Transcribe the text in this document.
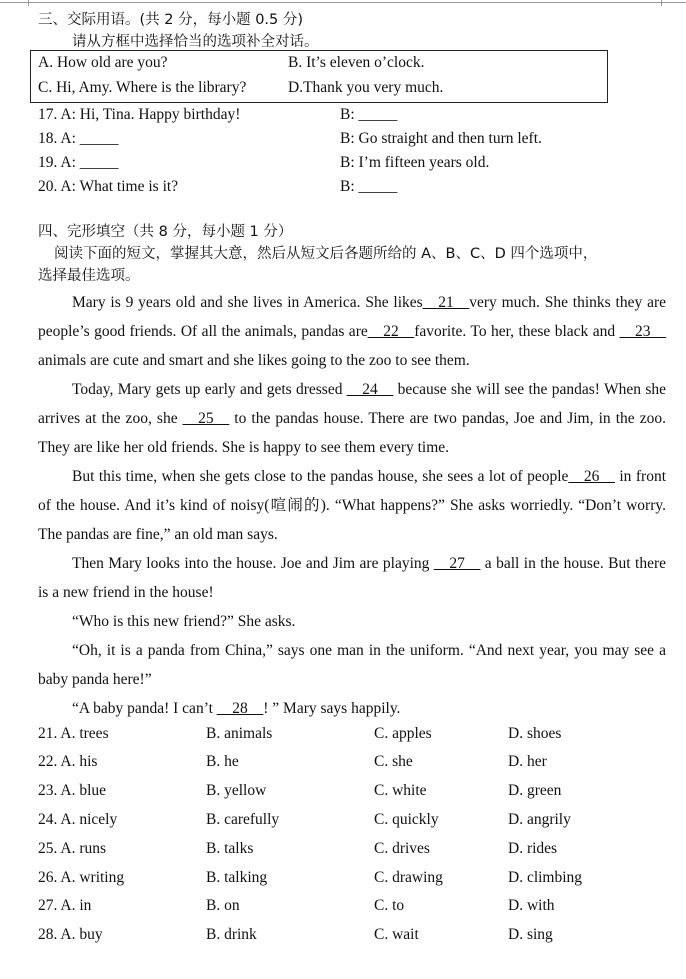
三、交际用语。(共 2 分，每小题 0.5 分)
请从方框中选择恰当的选项补全对话。
A. How old are you?	B. It’s eleven o’clock.
C. Hi, Amy. Where is the library?	D.Thank you very much.
17. A: Hi, Tina. Happy birthday!	B: _____
18. A: _____	B: Go straight and then turn left.
19. A: _____	B: I’m fifteen years old.
20. A: What time is it?	B: _____
四、完形填空（共 8 分，每小题 1 分）
阅读下面的短文，掌握其大意，然后从短文后各题所给的 A、B、C、D 四个选项中，
选择最佳选项。

Mary is 9 years old and she lives in America. She likes__21__very much. She thinks they are people’s good friends. Of all the animals, pandas are__22__favorite. To her, these black and __23__ animals are cute and smart and she likes going to the zoo to see them.

Today, Mary gets up early and gets dressed __24__ because she will see the pandas! When she arrives at the zoo, she __25__ to the pandas house. There are two pandas, Joe and Jim, in the zoo. They are like her old friends. She is happy to see them every time.

But this time, when she gets close to the pandas house, she sees a lot of people__26__ in front of the house. And it’s kind of noisy(喧闹的). “What happens?” She asks worriedly. “Don’t worry. The pandas are fine,” an old man says.

Then Mary looks into the house. Joe and Jim are playing __27__ a ball in the house. But there is a new friend in the house!

“Who is this new friend?” She asks.

“Oh, it is a panda from China,” says one man in the uniform. “And next year, you may see a baby panda here!”

“A baby panda! I can’t __28__! ” Mary says happily.

21. A. trees	B. animals	C. apples	D. shoes
22. A. his	B. he	C. she	D. her
23. A. blue	B. yellow	C. white	D. green
24. A. nicely	B. carefully	C. quickly	D. angrily
25. A. runs	B. talks	C. drives	D. rides
26. A. writing	B. talking	C. drawing	D. climbing
27. A. in	B. on	C. to	D. with
28. A. buy	B. drink	C. wait	D. sing
